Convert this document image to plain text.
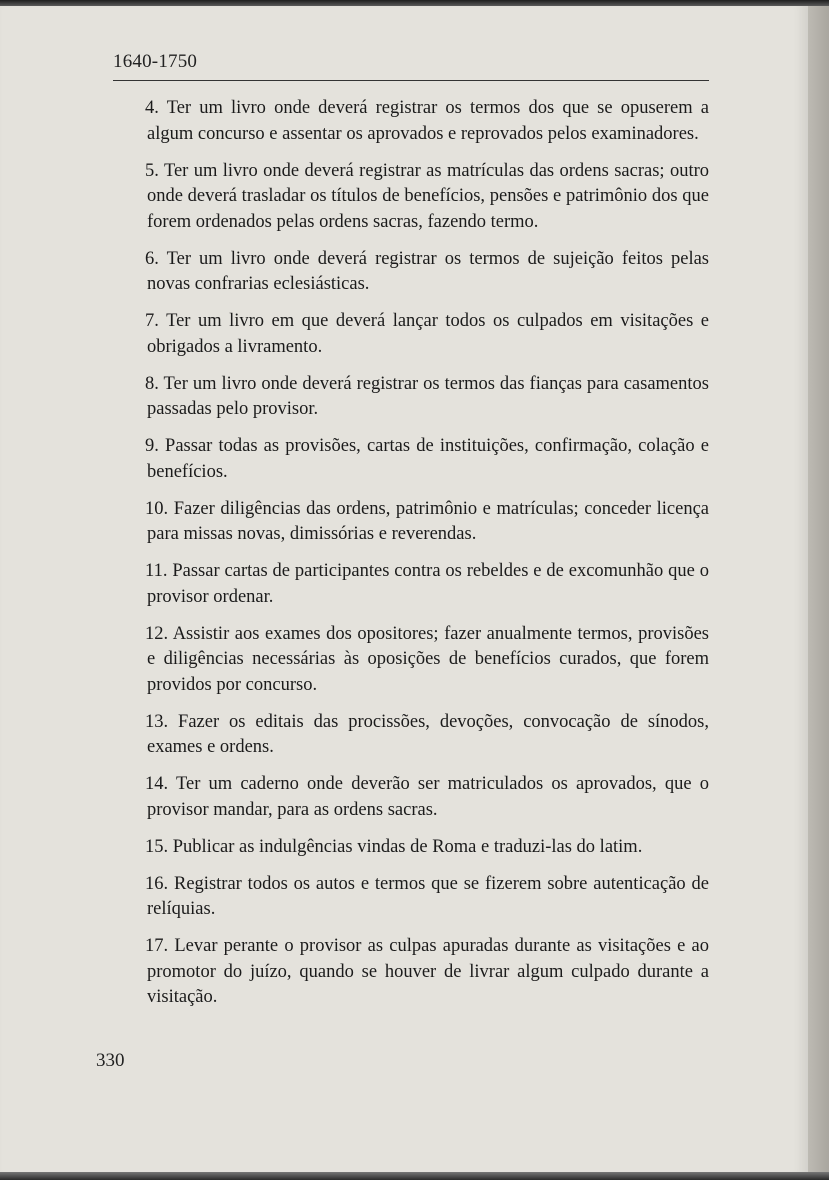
1640-1750

4. Ter um livro onde deverá registrar os termos dos que se opuserem a algum concurso e assentar os aprovados e reprovados pelos examinadores.

5. Ter um livro onde deverá registrar as matrículas das ordens sacras; outro onde deverá trasladar os títulos de benefícios, pensões e patrimônio dos que forem ordenados pelas ordens sacras, fazendo termo.

6. Ter um livro onde deverá registrar os termos de sujeição feitos pelas novas confrarias eclesiásticas.

7. Ter um livro em que deverá lançar todos os culpados em visitações e obrigados a livramento.

8. Ter um livro onde deverá registrar os termos das fianças para casamentos passadas pelo provisor.

9. Passar todas as provisões, cartas de instituições, confirmação, colação e benefícios.

10. Fazer diligências das ordens, patrimônio e matrículas; conceder licença para missas novas, dimissórias e reverendas.

11. Passar cartas de participantes contra os rebeldes e de excomunhão que o provisor ordenar.

12. Assistir aos exames dos opositores; fazer anualmente termos, provisões e diligências necessárias às oposições de benefícios curados, que forem providos por concurso.

13. Fazer os editais das procissões, devoções, convocação de sínodos, exames e ordens.

14. Ter um caderno onde deverão ser matriculados os aprovados, que o provisor mandar, para as ordens sacras.

15. Publicar as indulgências vindas de Roma e traduzi-las do latim.

16. Registrar todos os autos e termos que se fizerem sobre autenticação de relíquias.

17. Levar perante o provisor as culpas apuradas durante as visitações e ao promotor do juízo, quando se houver de livrar algum culpado durante a visitação.

330
